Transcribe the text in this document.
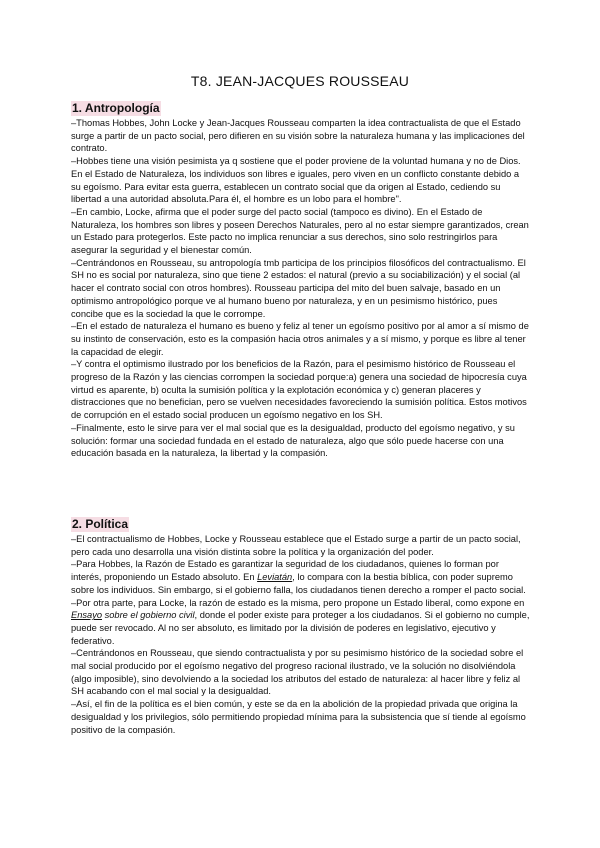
T8. JEAN-JACQUES ROUSSEAU
1. Antropología

–Thomas Hobbes, John Locke y Jean-Jacques Rousseau comparten la idea contractualista de que el Estado surge a partir de un pacto social, pero difieren en su visión sobre la naturaleza humana y las implicaciones del contrato.

–Hobbes tiene una visión pesimista ya q sostiene que el poder proviene de la voluntad humana y no de Dios. En el Estado de Naturaleza, los individuos son libres e iguales, pero viven en un conflicto constante debido a su egoísmo. Para evitar esta guerra, establecen un contrato social que da origen al Estado, cediendo su libertad a una autoridad absoluta.Para él, el hombre es un lobo para el hombre".

–En cambio, Locke, afirma que el poder surge del pacto social (tampoco es divino). En el Estado de Naturaleza, los hombres son libres y poseen Derechos Naturales, pero al no estar siempre garantizados, crean un Estado para protegerlos. Este pacto no implica renunciar a sus derechos, sino solo restringirlos para asegurar la seguridad y el bienestar común.

–Centrándonos en Rousseau, su antropología tmb participa de los principios filosóficos del contractualismo. El SH no es social por naturaleza, sino que tiene 2 estados: el natural (previo a su sociabilización) y el social (al hacer el contrato social con otros hombres). Rousseau participa del mito del buen salvaje, basado en un optimismo antropológico porque ve al humano bueno por naturaleza, y en un pesimismo histórico, pues concibe que es la sociedad la que le corrompe.

–En el estado de naturaleza el humano es bueno y feliz al tener un egoísmo positivo por al amor a sí mismo de su instinto de conservación, esto es la compasión hacia otros animales y a sí mismo, y porque es libre al tener la capacidad de elegir.

–Y contra el optimismo ilustrado por los beneficios de la Razón, para el pesimismo histórico de Rousseau el progreso de la Razón y las ciencias corrompen la sociedad porque:a) genera una sociedad de hipocresía cuya virtud es aparente, b) oculta la sumisión política y la explotación económica y c) generan placeres y distracciones que no benefician, pero se vuelven necesidades favoreciendo la sumisión política. Estos motivos de corrupción en el estado social producen un egoísmo negativo en los SH.

–Finalmente, esto le sirve para ver el mal social que es la desigualdad, producto del egoísmo negativo, y su solución: formar una sociedad fundada en el estado de naturaleza, algo que sólo puede hacerse con una educación basada en la naturaleza, la libertad y la compasión.

2. Política

–El contractualismo de Hobbes, Locke y Rousseau establece que el Estado surge a partir de un pacto social, pero cada uno desarrolla una visión distinta sobre la política y la organización del poder.

–Para Hobbes, la Razón de Estado es garantizar la seguridad de los ciudadanos, quienes lo forman por interés, proponiendo un Estado absoluto. En Leviatán, lo compara con la bestia bíblica, con poder supremo sobre los individuos. Sin embargo, si el gobierno falla, los ciudadanos tienen derecho a romper el pacto social.

–Por otra parte, para Locke, la razón de estado es la misma, pero propone un Estado liberal, como expone en Ensayo sobre el gobierno civil, donde el poder existe para proteger a los ciudadanos. Si el gobierno no cumple, puede ser revocado. Al no ser absoluto, es limitado por la división de poderes en legislativo, ejecutivo y federativo.

–Centrándonos en Rousseau, que siendo contractualista y por su pesimismo histórico de la sociedad sobre el mal social producido por el egoísmo negativo del progreso racional ilustrado, ve la solución no disolviéndola (algo imposible), sino devolviendo a la sociedad los atributos del estado de naturaleza: al hacer libre y feliz al SH acabando con el mal social y la desigualdad.

–Así, el fin de la política es el bien común, y este se da en la abolición de la propiedad privada que origina la desigualdad y los privilegios, sólo permitiendo propiedad mínima para la subsistencia que sí tiende al egoísmo positivo de la compasión.
